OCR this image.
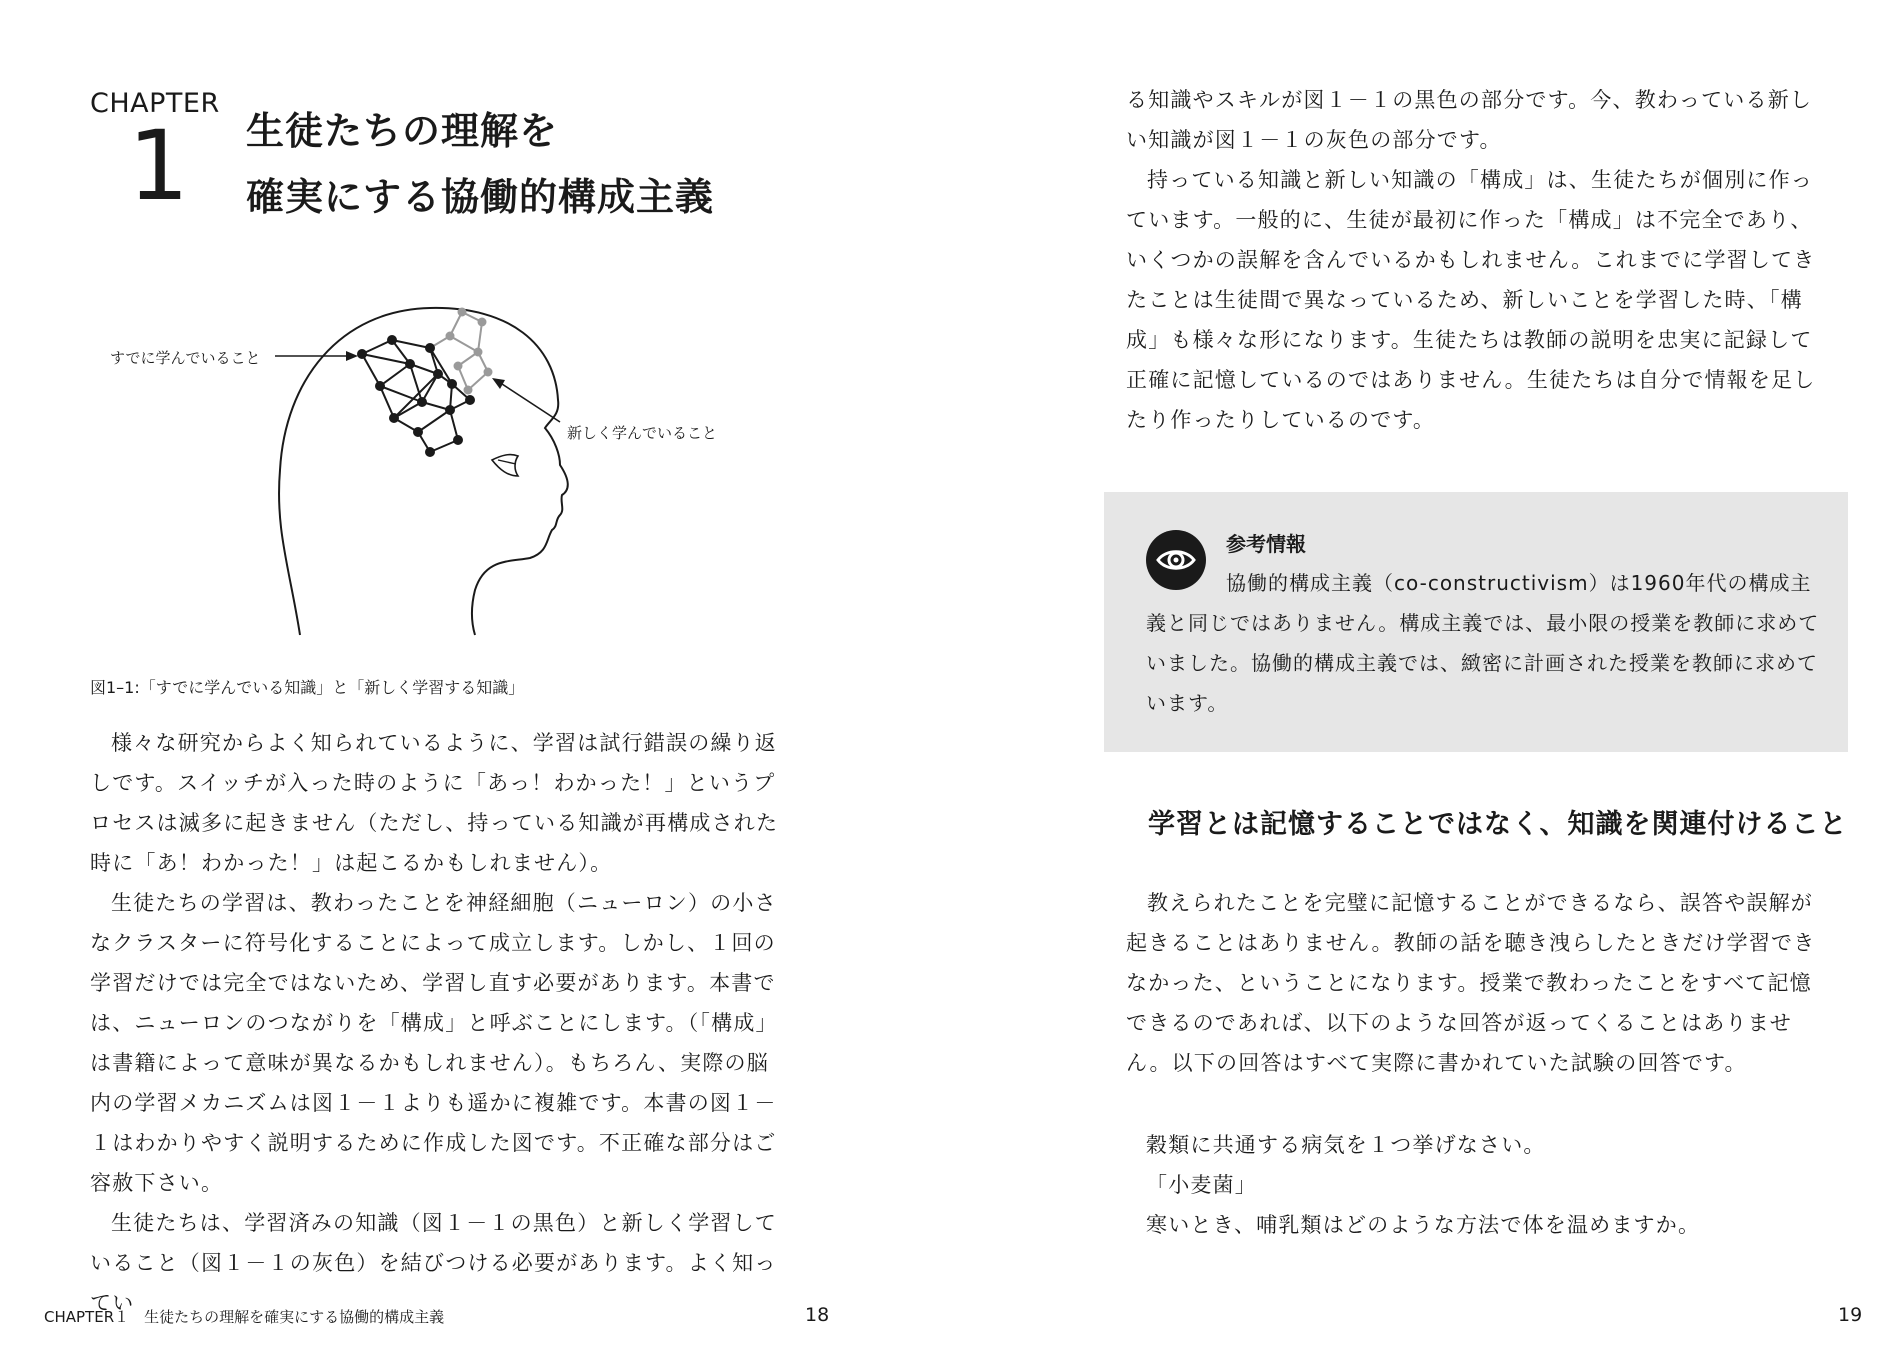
CHAPTER
1 生徒たちの理解を
確実にする協働的構成主義
すでに学んでいること
新しく学んでいること
図1–1:「すでに学んでいる知識」と「新しく学習する知識」

様々な研究からよく知られているように、学習は試行錯誤の繰り返しです。スイッチが入った時のように「あっ！わかった！」というプロセスは滅多に起きません（ただし、持っている知識が再構成された時に「あ！わかった！」は起こるかもしれません）。

生徒たちの学習は、教わったことを神経細胞（ニューロン）の小さなクラスターに符号化することによって成立します。しかし、１回の学習だけでは完全ではないため、学習し直す必要があります。本書では、ニューロンのつながりを「構成」と呼ぶことにします。（「構成」は書籍によって意味が異なるかもしれません）。もちろん、実際の脳内の学習メカニズムは図１－１よりも遥かに複雑です。本書の図１－１はわかりやすく説明するために作成した図です。不正確な部分はご容赦下さい。

生徒たちは、学習済みの知識（図１－１の黒色）と新しく学習していること（図１－１の灰色）を結びつける必要があります。よく知ってい

る知識やスキルが図１－１の黒色の部分です。今、教わっている新しい知識が図１－１の灰色の部分です。

持っている知識と新しい知識の「構成」は、生徒たちが個別に作っています。一般的に、生徒が最初に作った「構成」は不完全であり、いくつかの誤解を含んでいるかもしれません。これまでに学習してきたことは生徒間で異なっているため、新しいことを学習した時、「構成」も様々な形になります。生徒たちは教師の説明を忠実に記録して正確に記憶しているのではありません。生徒たちは自分で情報を足したり作ったりしているのです。

参考情報

協働的構成主義（co-constructivism）は1960年代の構成主義と同じではありません。構成主義では、最小限の授業を教師に求めていました。協働的構成主義では、緻密に計画された授業を教師に求めています。

学習とは記憶することではなく、知識を関連付けること

教えられたことを完璧に記憶することができるなら、誤答や誤解が起きることはありません。教師の話を聴き洩らしたときだけ学習できなかった、ということになります。授業で教わったことをすべて記憶できるのであれば、以下のような回答が返ってくることはありません。以下の回答はすべて実際に書かれていた試験の回答です。

穀類に共通する病気を１つ挙げなさい。
「小麦菌」
寒いとき、哺乳類はどのような方法で体を温めますか。
CHAPTER１　生徒たちの理解を確実にする協働的構成主義	18	19
